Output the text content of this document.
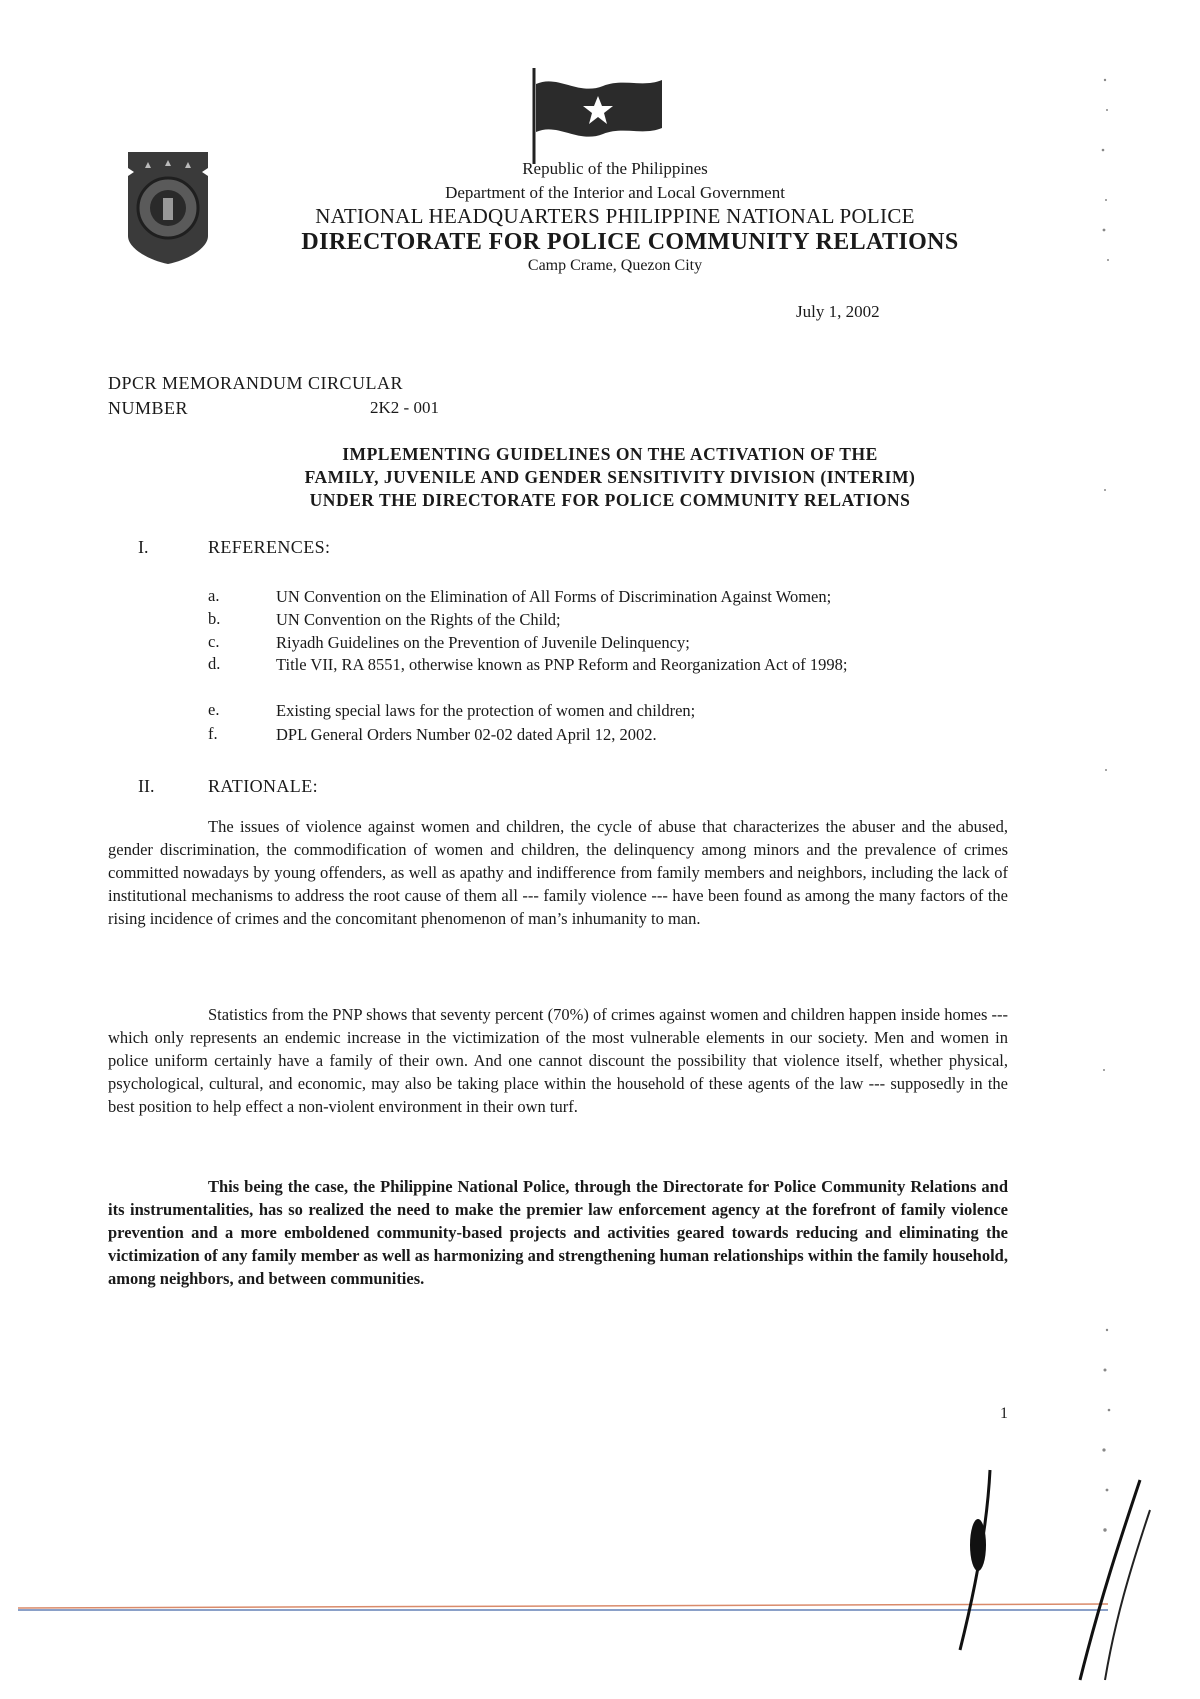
Republic of the Philippines
Department of the Interior and Local Government
NATIONAL HEADQUARTERS PHILIPPINE NATIONAL POLICE
DIRECTORATE FOR POLICE COMMUNITY RELATIONS
Camp Crame, Quezon City
July 1, 2002
DPCR MEMORANDUM CIRCULAR
NUMBER	2K2 - 001
IMPLEMENTING GUIDELINES ON THE ACTIVATION OF THE
FAMILY, JUVENILE AND GENDER SENSITIVITY DIVISION (INTERIM)
UNDER THE DIRECTORATE FOR POLICE COMMUNITY RELATIONS
I.	REFERENCES:
a.	UN Convention on the Elimination of All Forms of Discrimination Against Women;
b.	UN Convention on the Rights of the Child;
c.	Riyadh Guidelines on the Prevention of Juvenile Delinquency;
d.	Title VII, RA 8551, otherwise known as PNP Reform and Reorganization Act of 1998;
e.	Existing special laws for the protection of women and children;
f.	DPL General Orders Number 02-02 dated April 12, 2002.
II.	RATIONALE:
The issues of violence against women and children, the cycle of abuse that characterizes the abuser and the abused, gender discrimination, the commodification of women and children, the delinquency among minors and the prevalence of crimes committed nowadays by young offenders, as well as apathy and indifference from family members and neighbors, including the lack of institutional mechanisms to address the root cause of them all --- family violence --- have been found as among the many factors of the rising incidence of crimes and the concomitant phenomenon of man’s inhumanity to man.
Statistics from the PNP shows that seventy percent (70%) of crimes against women and children happen inside homes --- which only represents an endemic increase in the victimization of the most vulnerable elements in our society. Men and women in police uniform certainly have a family of their own. And one cannot discount the possibility that violence itself, whether physical, psychological, cultural, and economic, may also be taking place within the household of these agents of the law --- supposedly in the best position to help effect a non-violent environment in their own turf.
This being the case, the Philippine National Police, through the Directorate for Police Community Relations and its instrumentalities, has so realized the need to make the premier law enforcement agency at the forefront of family violence prevention and a more emboldened community-based projects and activities geared towards reducing and eliminating the victimization of any family member as well as harmonizing and strengthening human relationships within the family household, among neighbors, and between communities.
1
